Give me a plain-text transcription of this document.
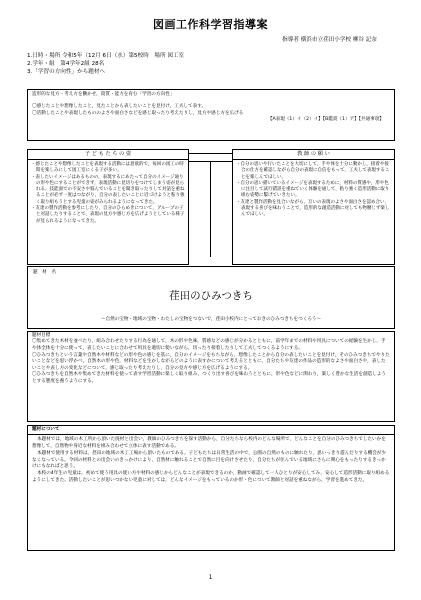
図画工作科学習指導案
指導者 横浜市立荏田小学校 柳谷 記奈
1.日時・場所 令和5年（12月 6日（水）第5校時　場所 図工室
2.学年・組　第4学年2組 28名
3.「学習の方向性」から題材へ
造形的な見方・考え方を働かせ，資質・能力を育む「学習の方向性」
〇感じたことや想像したこと，見たことから表したいことを見付け，工夫して表す。
〇活動したことや表現したもののよさや面白さなどを感じ取ったり考えたりし，見方や感じ方を広げる
【A表現（1）イ（2）イ】【B鑑賞（1）ア】【共通事項】
子 ど も た ち の 姿
・ 感じたことや想像したことを表現する活動には意欲的で，毎回の図工の時間を楽しみにして図工室にくる子が多い。
・ 表したいイメージはあるものの，表現するにあたって自分のイメージ通りの形や色にすることができず，表現活動に見切りをつけてしまう姿が見られる。技能面での不安さや悩んでいることを聞き取ったりして対話を重ねることが必ず一度はつながり，自分の表したいことに近づけようと粘り強く取り組もうとする児童の姿がみられるようになってきた。
・ 友達の製作活動を参考にしたり，自分のひらめきについて，グループの子と対話したりすることで，表現の見方や感じ方を広げようとしている様子が見られるようになってきた。
教 師 の 願 い
・ 自分の思いや行いたことを大切にして，手や体を十分に動かし，接着や接合の仕方を確認しながら自分の表現に自信をもって，工夫して表現することを楽しんでほしい。
・ 自分の思い描いているイメージを表現するために，材料の質感や，形や色に注目して試行錯誤を重ねていく体験を通して，粘り強く造形活動に取り組む姿勢に繋げていきたい。
・ 友達と製作活動を見合いながら，互いの表現のよさや面白さを認め合い，表現する喜びを味わうことで，造形的な創造活動に対しても物腰じず楽しんでほしい。
題　材　名
荏田のひみつきち
〜自然の宝物・地域の宝物・わたしの宝物をつないで，荏田小校内にとっておきのひみつきちをつくろう〜
題材目標

〇集めてきた木材を並べたり，組み合わせたりする行為を通して，木の形や色味，質感などの感じが分かるとともに，前学年までの材料や用具についての経験を生かし，手や体全体を十分に使って，表したいことに合わせて用具を適切に使いながら，切ったり接着したりして工夫してつくるようにする。

〇ひみつきちという言葉や自然木や材料などの形や色の感じを基に，自分のイメージをもちながら，想像したことから自分の表したいことを見付け，そのひみつきちでやりたいことなどを思い浮かべ，自然木の形や色，材料などを生かしながらどのように表すかについて考えるとともに，自分たちや友達の作品の造形的なよさや面白さや，表したいことや表し方の変化などについて，感じ取ったり考えたりし，自分の見方や感じ方を広げるようにする。

〇ひみつきちを自然木や集めてきた材料を使って表す学習活動に楽しく取り組み，つくり出す喜びを味わうとともに，形や色などに関わり，楽しく豊かな生活を創造しようとする態度を養うようにする。

題材について

本題材では，地域の木工所から頂いた廃材と出会い，教師のひみつきちを探す活動から，自分たちなら校内のどんな場所で，どんなことを自分のひみつきちでしたいかを想像して，自然物や身近な材料を組み合わせて立体に表す活動である。

本題材で使用する材料は，荏田の地域の木工工場から頂いたものである。子どもたちは日常生活の中で，公園の自然のものに触れたり，思いっきり遊んだりする機会が少なくなっている。今回の材料との出会いのきっかけにより，自然材に触れることで自然に目を向けさせたり，自分たちが住んでいる地域にさらに関心をもったりするきっかけにもなればと思う。

本校の4年生の児童は，初めて使う用具の使い方や材料の感じからどんなことが表現できるのか，動画で確認して一人ひとりが安心してみ，安心して造形活動に取り組めるようにしてきた。活動したいことが思いつかない児童に対しては，どんなイメージをもっているのか形・色について教師と対話を重ねながら，学習を進めてきた。

1
